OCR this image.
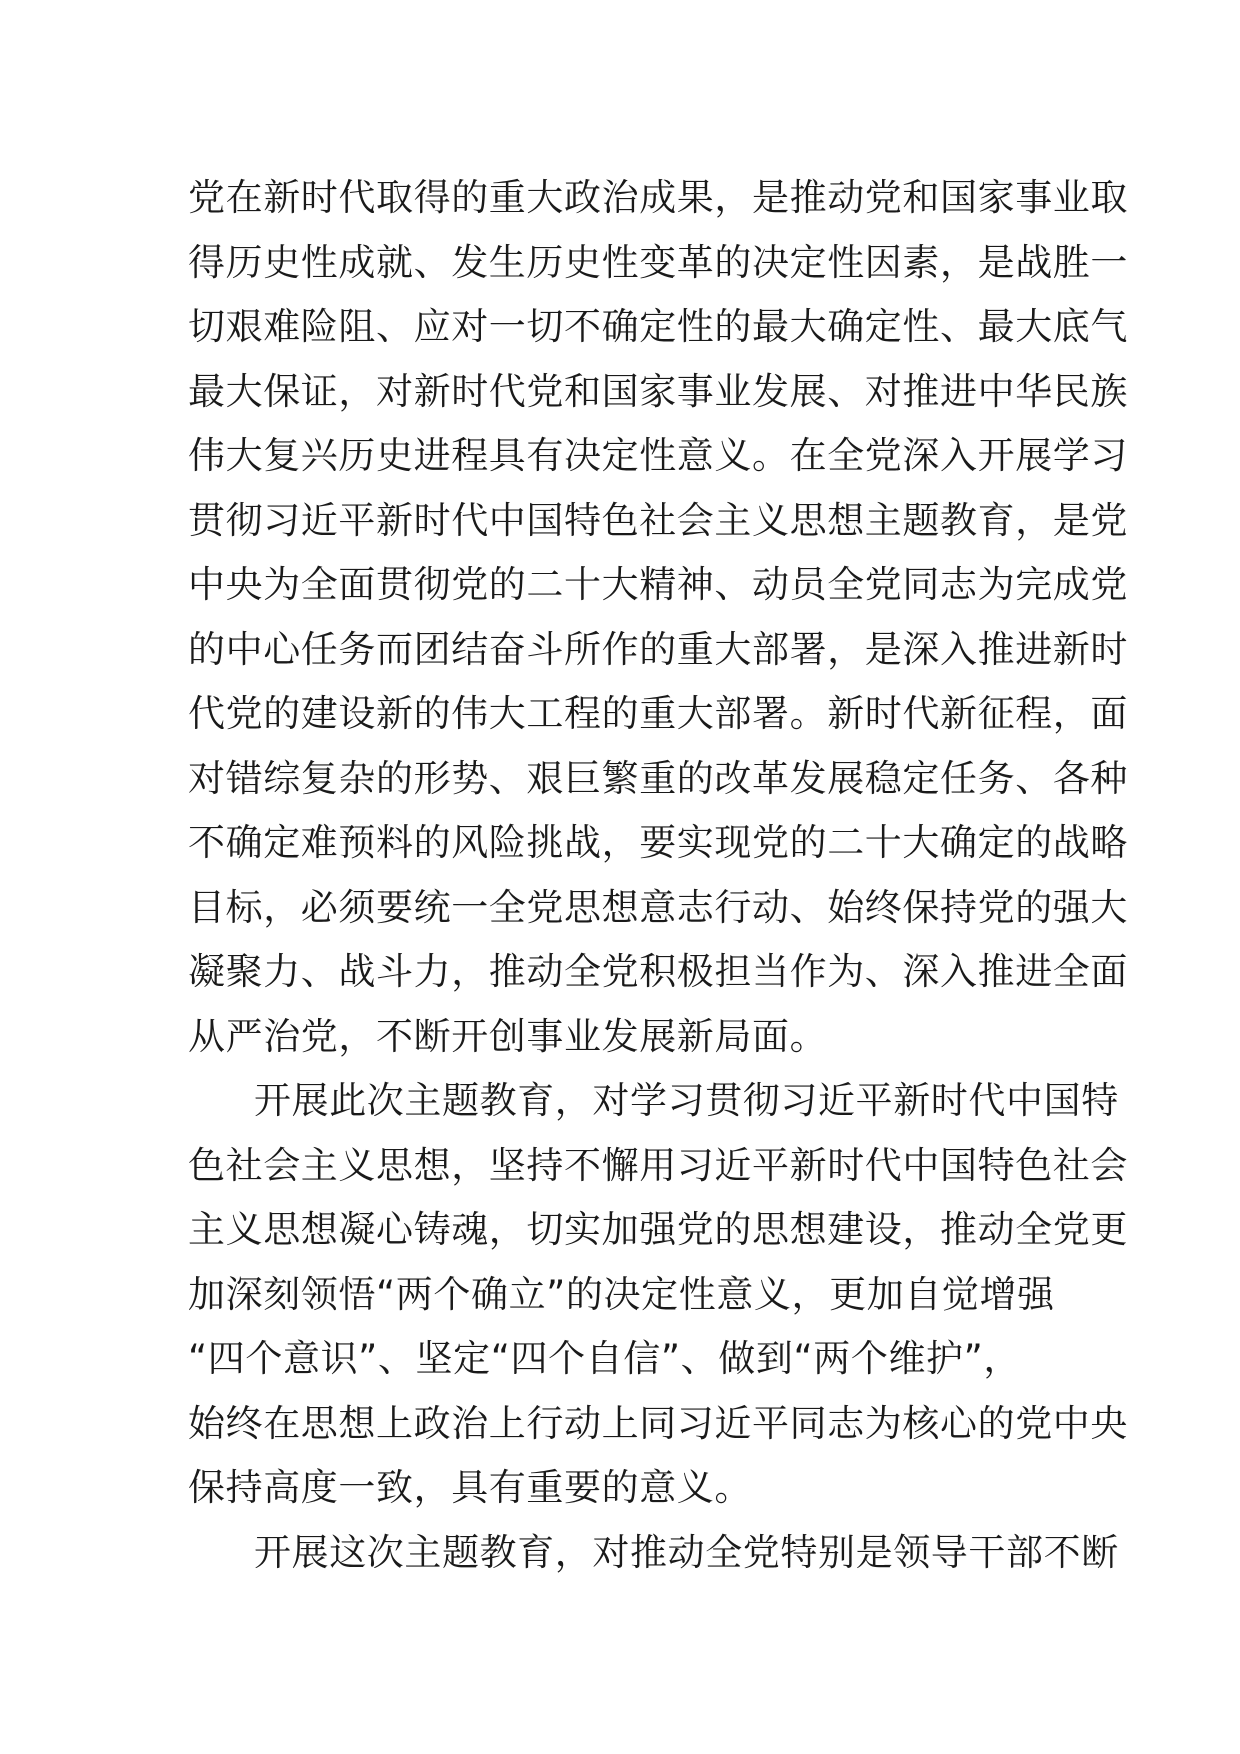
党在新时代取得的重大政治成果，是推动党和国家事业取
得历史性成就、发生历史性变革的决定性因素，是战胜一
切艰难险阻、应对一切不确定性的最大确定性、最大底气
最大保证，对新时代党和国家事业发展、对推进中华民族
伟大复兴历史进程具有决定性意义。在全党深入开展学习
贯彻习近平新时代中国特色社会主义思想主题教育，是党
中央为全面贯彻党的二十大精神、动员全党同志为完成党
的中心任务而团结奋斗所作的重大部署，是深入推进新时
代党的建设新的伟大工程的重大部署。新时代新征程，面
对错综复杂的形势、艰巨繁重的改革发展稳定任务、各种
不确定难预料的风险挑战，要实现党的二十大确定的战略
目标，必须要统一全党思想意志行动、始终保持党的强大
凝聚力、战斗力，推动全党积极担当作为、深入推进全面
从严治党，不断开创事业发展新局面。
开展此次主题教育，对学习贯彻习近平新时代中国特
色社会主义思想，坚持不懈用习近平新时代中国特色社会
主义思想凝心铸魂，切实加强党的思想建设，推动全党更
加深刻领悟“两个确立”的决定性意义，更加自觉增强
“四个意识”、坚定“四个自信”、做到“两个维护”，
始终在思想上政治上行动上同习近平同志为核心的党中央
保持高度一致，具有重要的意义。
开展这次主题教育，对推动全党特别是领导干部不断
